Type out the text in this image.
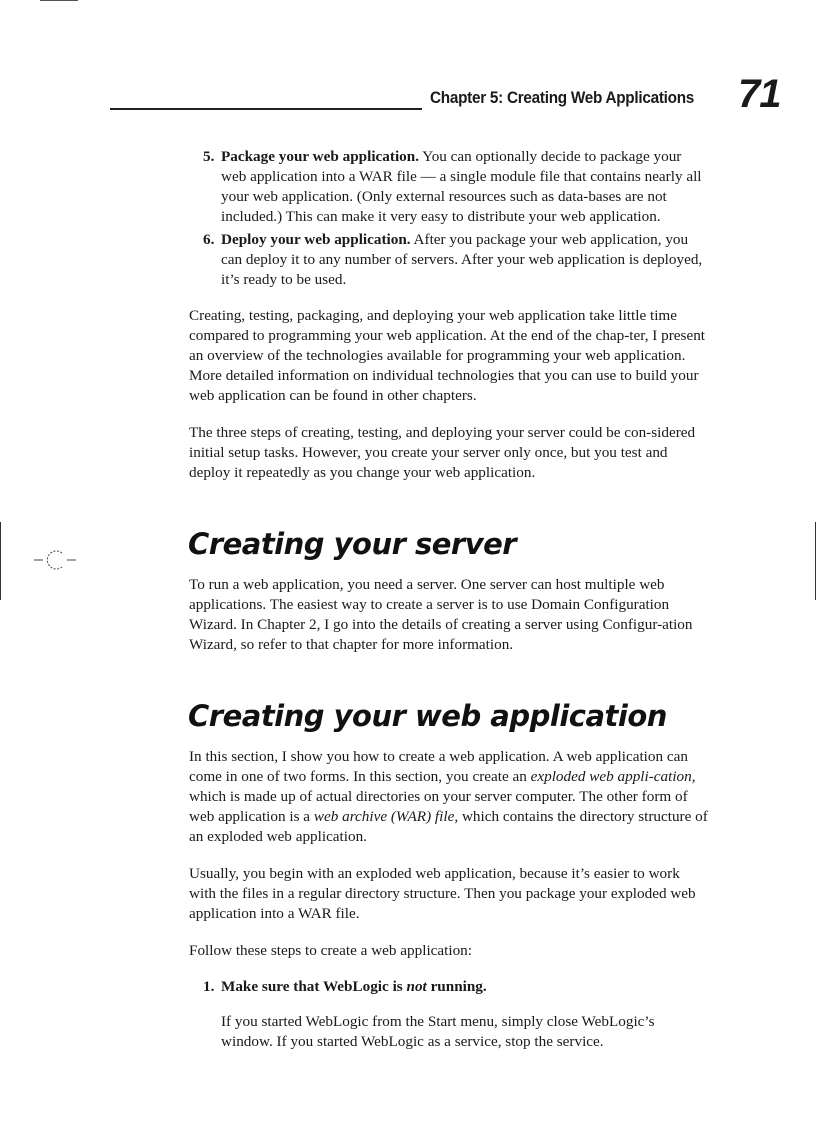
Chapter 5: Creating Web Applications 71
5. Package your web application. You can optionally decide to package your web application into a WAR file — a single module file that contains nearly all your web application. (Only external resources such as data-bases are not included.) This can make it very easy to distribute your web application.
6. Deploy your web application. After you package your web application, you can deploy it to any number of servers. After your web application is deployed, it’s ready to be used.

Creating, testing, packaging, and deploying your web application take little time compared to programming your web application. At the end of the chap-ter, I present an overview of the technologies available for programming your web application. More detailed information on individual technologies that you can use to build your web application can be found in other chapters.

The three steps of creating, testing, and deploying your server could be con-sidered initial setup tasks. However, you create your server only once, but you test and deploy it repeatedly as you change your web application.

Creating your server

To run a web application, you need a server. One server can host multiple web applications. The easiest way to create a server is to use Domain Configuration Wizard. In Chapter 2, I go into the details of creating a server using Configur-ation Wizard, so refer to that chapter for more information.

Creating your web application

In this section, I show you how to create a web application. A web application can come in one of two forms. In this section, you create an exploded web appli-cation, which is made up of actual directories on your server computer. The other form of web application is a web archive (WAR) file, which contains the directory structure of an exploded web application.

Usually, you begin with an exploded web application, because it’s easier to work with the files in a regular directory structure. Then you package your exploded web application into a WAR file.

Follow these steps to create a web application:

1. Make sure that WebLogic is not running.

If you started WebLogic from the Start menu, simply close WebLogic’s window. If you started WebLogic as a service, stop the service.
